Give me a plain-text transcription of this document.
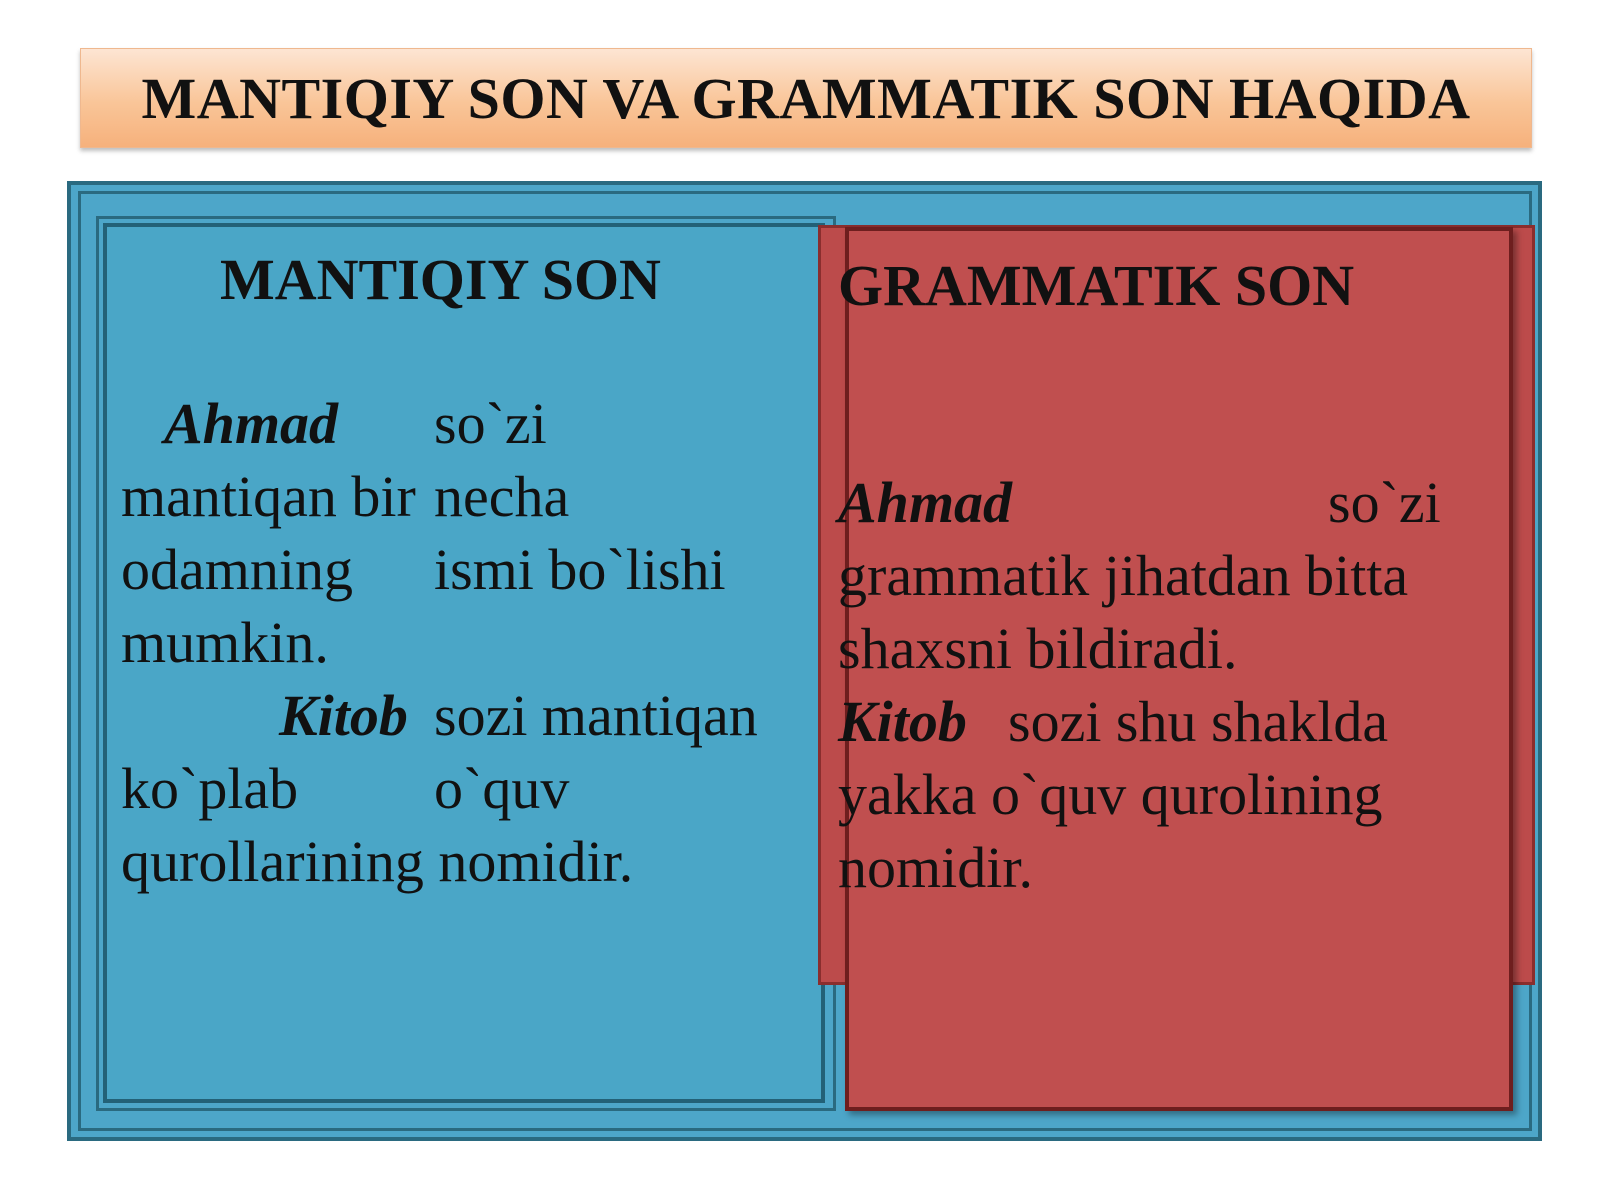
MANTIQIY SON VA GRAMMATIK SON HAQIDA
MANTIQIY SON
Ahmad so`zi
mantiqan bir necha
odamning ismi bo`lishi
mumkin.
Kitob sozi mantiqan
ko`plab o`quv
qurollarining nomidir.
GRAMMATIK SON
Ahmad	so`zi
grammatik jihatdan bitta
shaxsni bildiradi.
Kitob sozi shu shaklda
yakka o`quv qurolining
nomidir.
